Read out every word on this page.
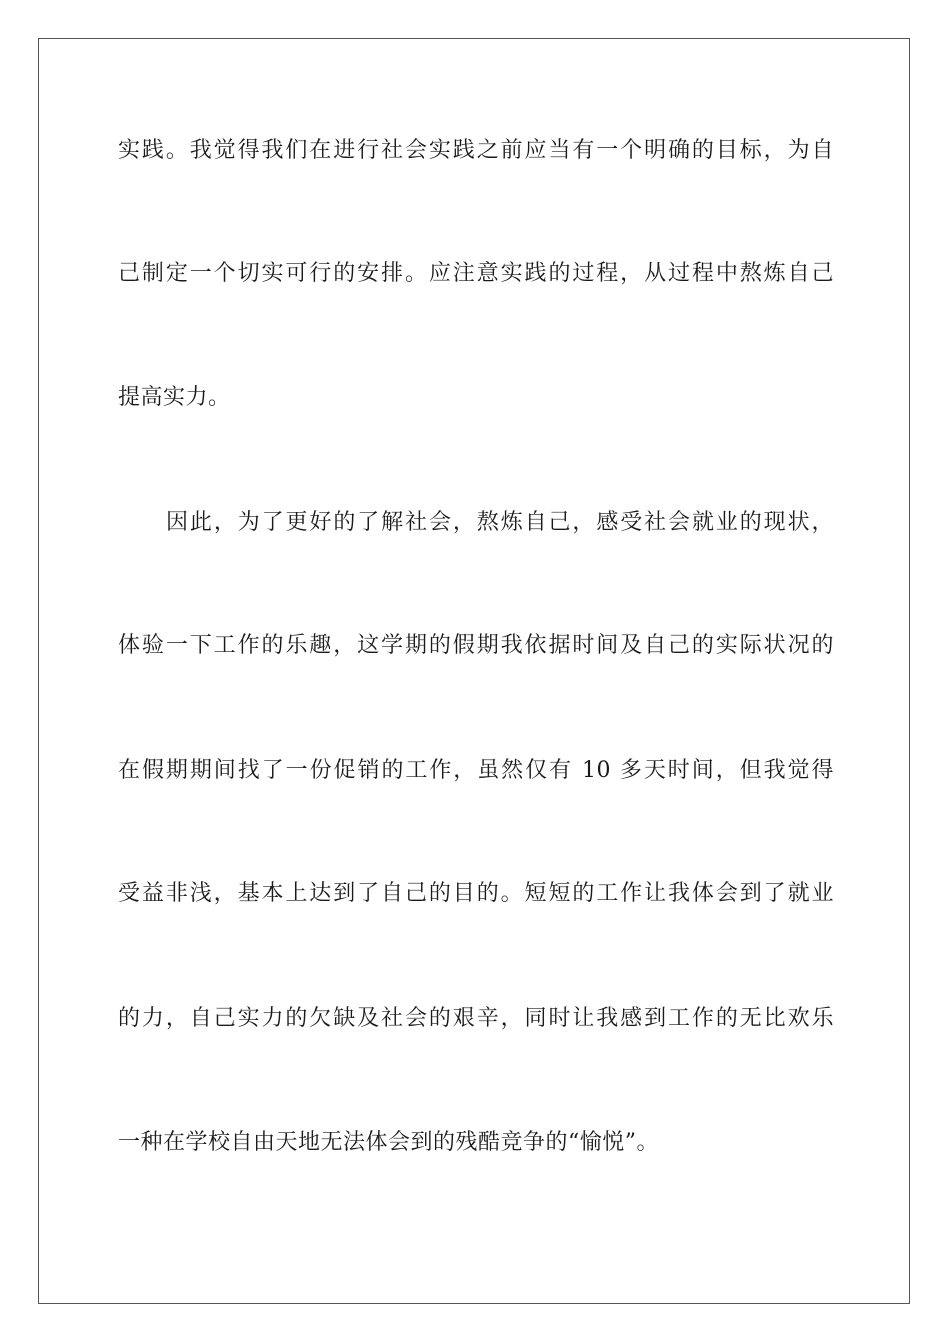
实践。我觉得我们在进行社会实践之前应当有一个明确的目标，为自
己制定一个切实可行的安排。应注意实践的过程，从过程中熬炼自己
提高实力。
因此，为了更好的了解社会，熬炼自己，感受社会就业的现状，
体验一下工作的乐趣，这学期的假期我依据时间及自己的实际状况的
在假期期间找了一份促销的工作，虽然仅有 10 多天时间，但我觉得
受益非浅，基本上达到了自己的目的。短短的工作让我体会到了就业
的力，自己实力的欠缺及社会的艰辛，同时让我感到工作的无比欢乐
一种在学校自由天地无法体会到的残酷竞争的“愉悦”。
